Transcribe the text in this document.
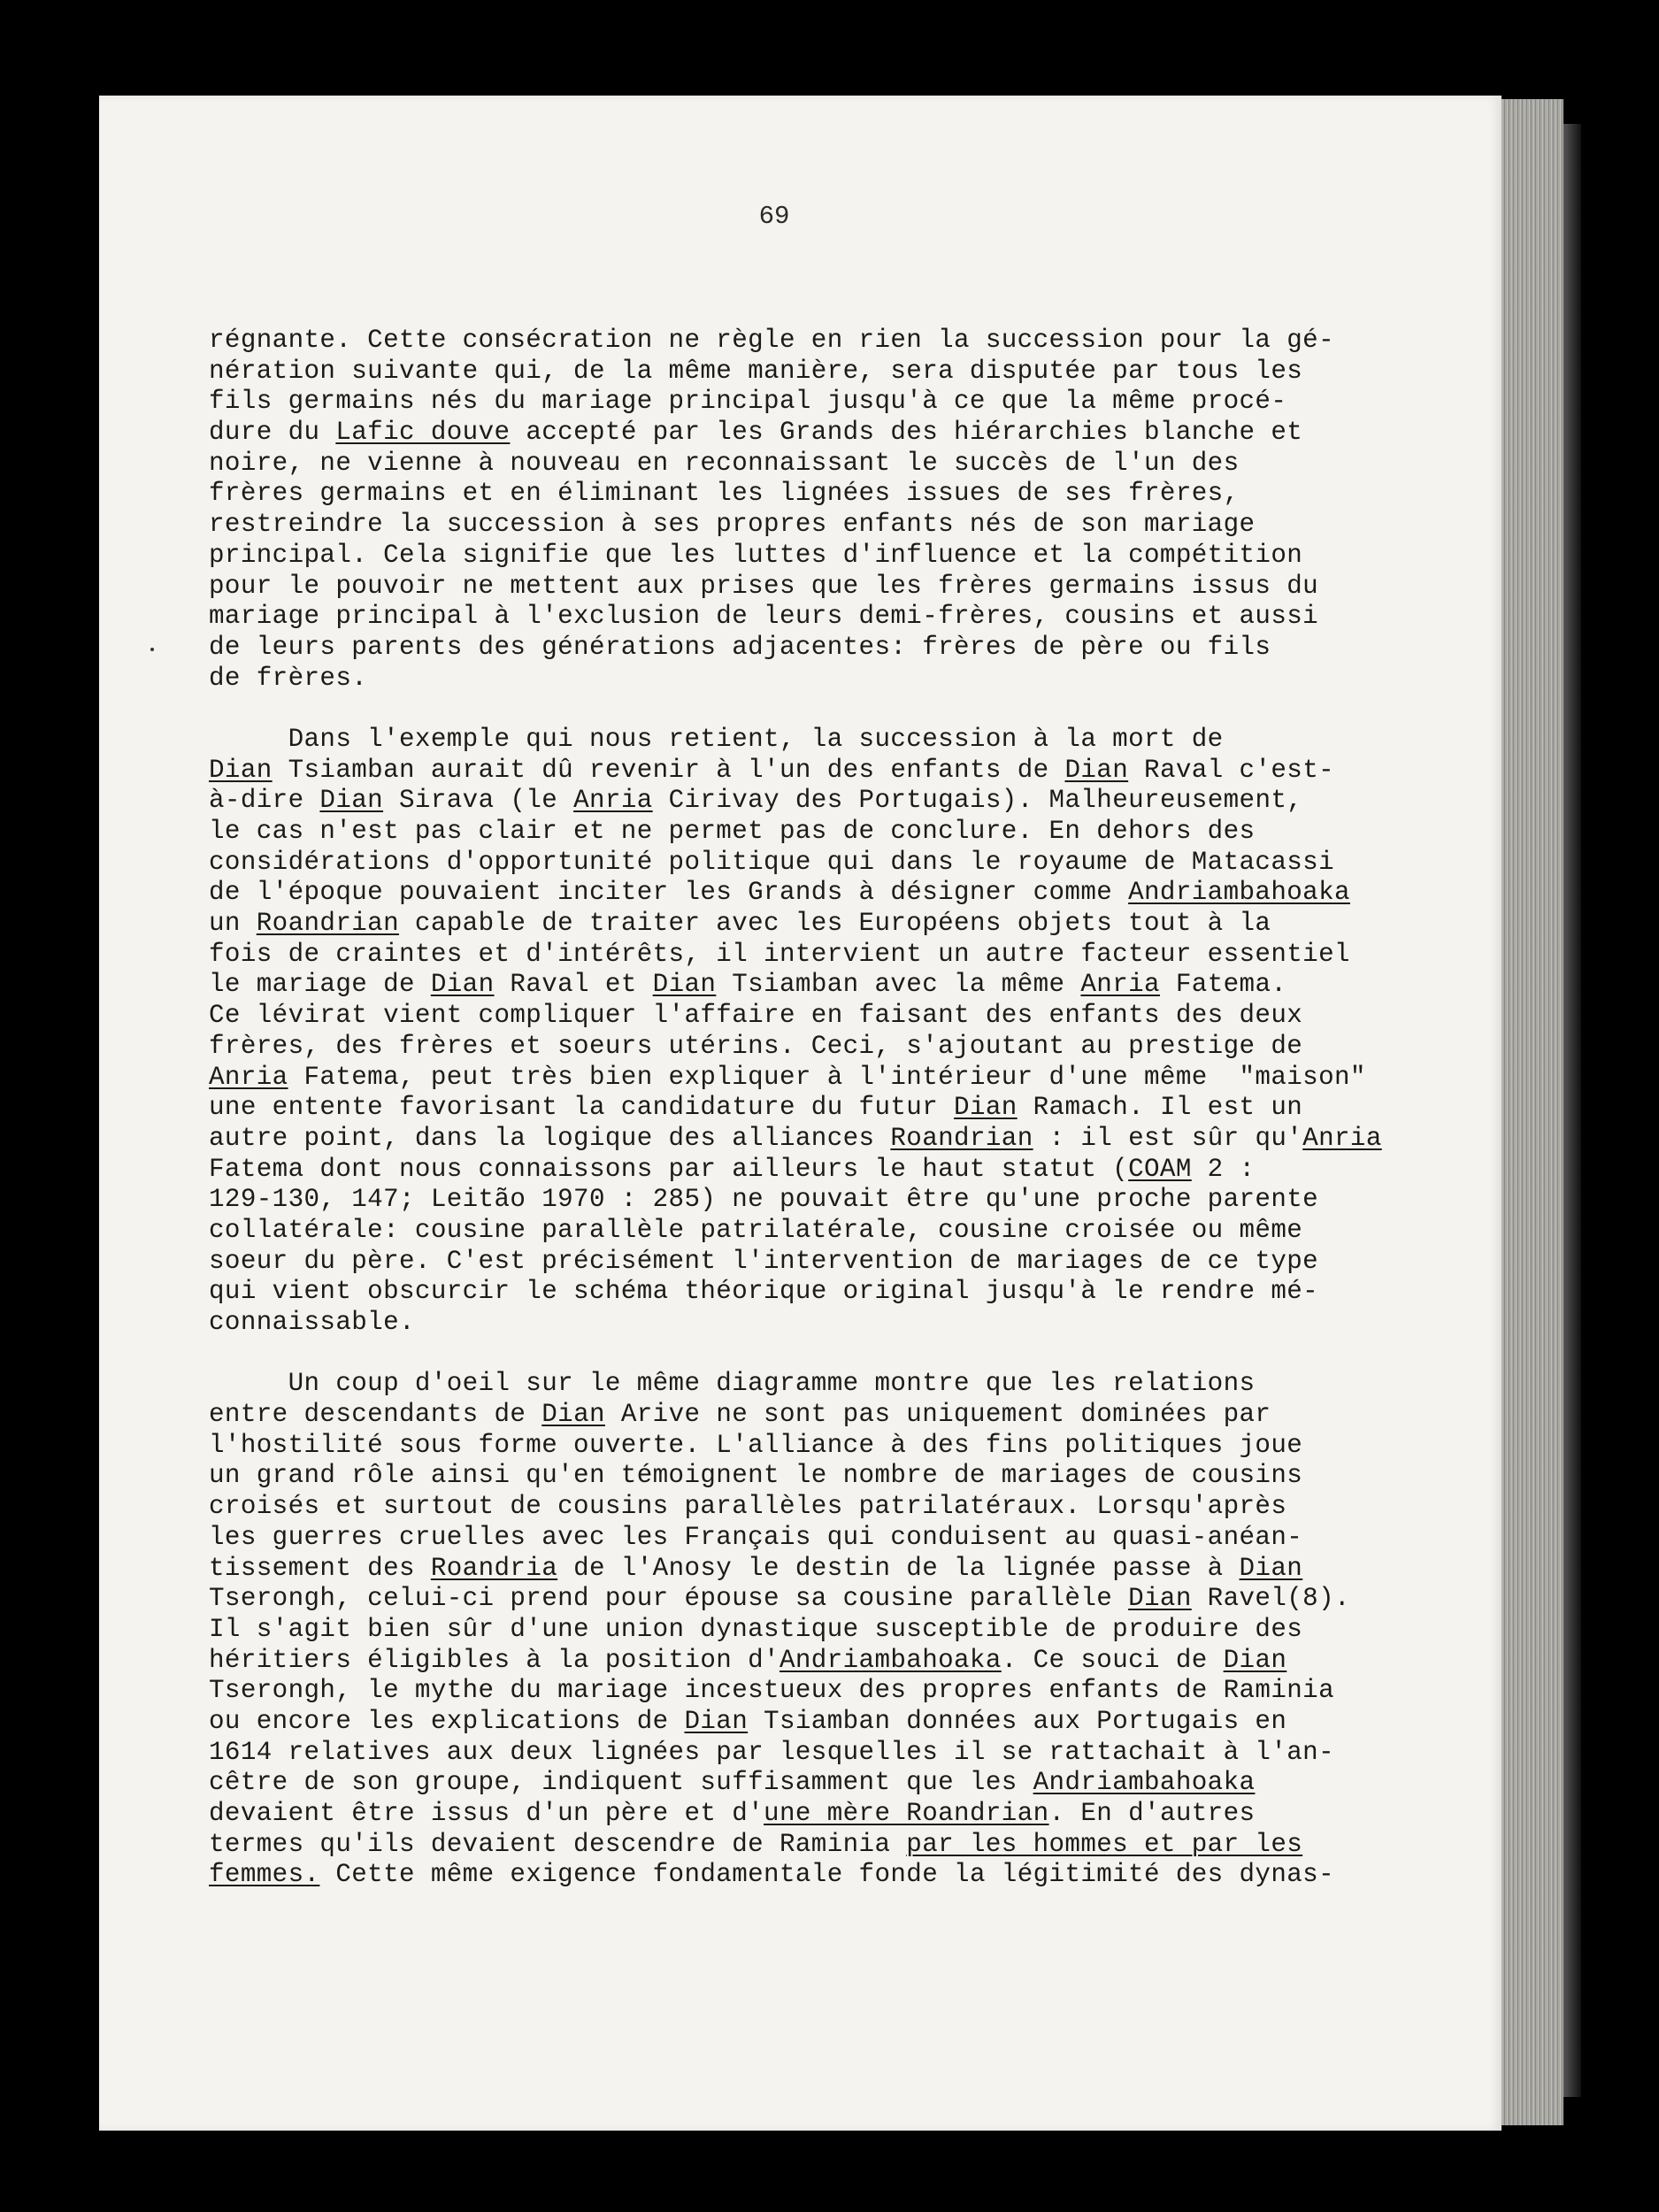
69
régnante. Cette consécration ne règle en rien la succession pour la gé-
nération suivante qui, de la même manière, sera disputée par tous les
fils germains nés du mariage principal jusqu'à ce que la même procé-
dure du Lafic douve accepté par les Grands des hiérarchies blanche et
noire, ne vienne à nouveau en reconnaissant le succès de l'un des
frères germains et en éliminant les lignées issues de ses frères,
restreindre la succession à ses propres enfants nés de son mariage
principal. Cela signifie que les luttes d'influence et la compétition
pour le pouvoir ne mettent aux prises que les frères germains issus du
mariage principal à l'exclusion de leurs demi-frères, cousins et aussi
de leurs parents des générations adjacentes: frères de père ou fils
de frères.
Dans l'exemple qui nous retient, la succession à la mort de
Dian Tsiamban aurait dû revenir à l'un des enfants de Dian Raval c'est-
à-dire Dian Sirava (le Anria Cirivay des Portugais). Malheureusement,
le cas n'est pas clair et ne permet pas de conclure. En dehors des
considérations d'opportunité politique qui dans le royaume de Matacassi
de l'époque pouvaient inciter les Grands à désigner comme Andriambahoaka
un Roandrian capable de traiter avec les Européens objets tout à la
fois de craintes et d'intérêts, il intervient un autre facteur essentiel
le mariage de Dian Raval et Dian Tsiamban avec la même Anria Fatema.
Ce lévirat vient compliquer l'affaire en faisant des enfants des deux
frères, des frères et soeurs utérins. Ceci, s'ajoutant au prestige de
Anria Fatema, peut très bien expliquer à l'intérieur d'une même  "maison"
une entente favorisant la candidature du futur Dian Ramach. Il est un
autre point, dans la logique des alliances Roandrian : il est sûr qu'Anria
Fatema dont nous connaissons par ailleurs le haut statut (COAM 2 :
129-130, 147; Leitão 1970 : 285) ne pouvait être qu'une proche parente
collatérale: cousine parallèle patrilatérale, cousine croisée ou même
soeur du père. C'est précisément l'intervention de mariages de ce type
qui vient obscurcir le schéma théorique original jusqu'à le rendre mé-
connaissable.
Un coup d'oeil sur le même diagramme montre que les relations
entre descendants de Dian Arive ne sont pas uniquement dominées par
l'hostilité sous forme ouverte. L'alliance à des fins politiques joue
un grand rôle ainsi qu'en témoignent le nombre de mariages de cousins
croisés et surtout de cousins parallèles patrilatéraux. Lorsqu'après
les guerres cruelles avec les Français qui conduisent au quasi-anéan-
tissement des Roandria de l'Anosy le destin de la lignée passe à Dian
Tserongh, celui-ci prend pour épouse sa cousine parallèle Dian Ravel(8).
Il s'agit bien sûr d'une union dynastique susceptible de produire des
héritiers éligibles à la position d'Andriambahoaka. Ce souci de Dian
Tserongh, le mythe du mariage incestueux des propres enfants de Raminia
ou encore les explications de Dian Tsiamban données aux Portugais en
1614 relatives aux deux lignées par lesquelles il se rattachait à l'an-
cêtre de son groupe, indiquent suffisamment que les Andriambahoaka
devaient être issus d'un père et d'une mère Roandrian. En d'autres
termes qu'ils devaient descendre de Raminia par les hommes et par les
femmes. Cette même exigence fondamentale fonde la légitimité des dynas-
